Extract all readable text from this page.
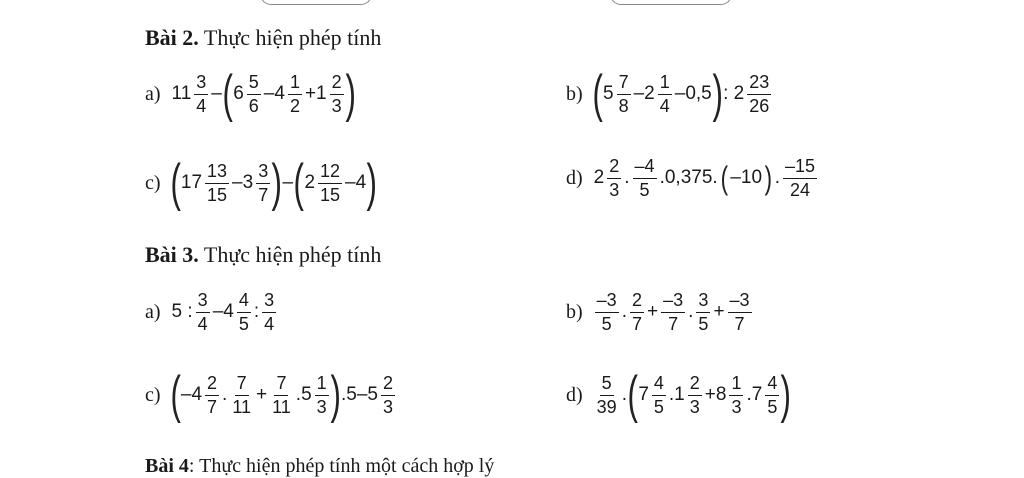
Bài 2. Thực hiện phép tính
a) $11 \frac{3}{4}$ – ( $6 \frac{5}{6} -4 \frac{1}{2} +1 \frac{2}{3}$ )	b) ( $5 \frac{7}{8} -2 \frac{1}{4} -0,5$ ) : $2 \frac{23}{26}$
c) ( $17 \frac{13}{15} -3 \frac{3}{7}$ ) – ( $2 \frac{12}{15} -4$ )	d) $2 \frac{2}{3}$ . $\frac{-4}{5} .0,375$. ( –10 ) . $\frac{-15}{24}$
Bài 3. Thực hiện phép tính
a) 5 : $\frac{3}{4} -4 \frac{4}{5}$ : $\frac{3}{4}$	$b) \frac{-3}{5}$ . $\frac{2}{7} + \frac{-3}{7}$ . $\frac{3}{5} + \frac{-3}{7}$
c) ( $-4 \frac{2}{7}$ . $\frac{7}{11} + \frac{7}{11} .5 \frac{1}{3}$ ) $.5-5 \frac{2}{3}$	$d) \frac{5}{39}$ . ( $7 \frac{4}{5} .1 \frac{2}{3} +8 \frac{1}{3} .7 \frac{4}{5}$ )
Bài 4: Thực hiện phép tính một cách hợp lý
